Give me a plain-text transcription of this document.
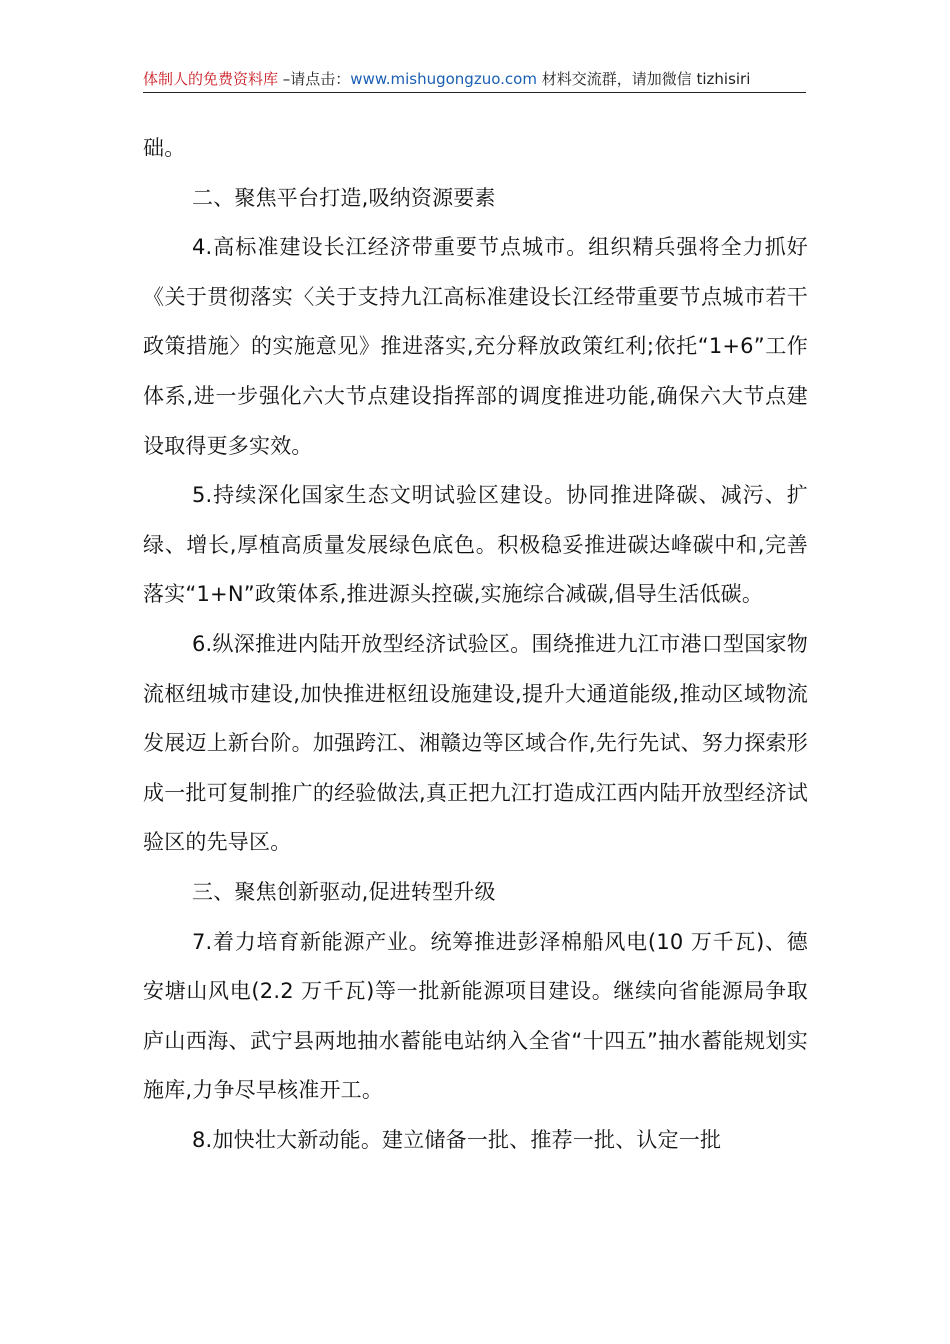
体制人的免费资料库 –请点击：www.mishugongzuo.com 材料交流群，请加微信 tizhisiri

础。

二、聚焦平台打造,吸纳资源要素

4.高标准建设长江经济带重要节点城市。组织精兵强将全力抓好《关于贯彻落实〈关于支持九江高标准建设长江经带重要节点城市若干政策措施〉的实施意见》推进落实,充分释放政策红利;依托“1+6”工作体系,进一步强化六大节点建设指挥部的调度推进功能,确保六大节点建设取得更多实效。

5.持续深化国家生态文明试验区建设。协同推进降碳、减污、扩绿、增长,厚植高质量发展绿色底色。积极稳妥推进碳达峰碳中和,完善落实“1+N”政策体系,推进源头控碳,实施综合减碳,倡导生活低碳。

6.纵深推进内陆开放型经济试验区。围绕推进九江市港口型国家物流枢纽城市建设,加快推进枢纽设施建设,提升大通道能级,推动区域物流发展迈上新台阶。加强跨江、湘赣边等区域合作,先行先试、努力探索形成一批可复制推广的经验做法,真正把九江打造成江西内陆开放型经济试验区的先导区。

三、聚焦创新驱动,促进转型升级

7.着力培育新能源产业。统筹推进彭泽棉船风电(10 万千瓦)、德安塘山风电(2.2 万千瓦)等一批新能源项目建设。继续向省能源局争取庐山西海、武宁县两地抽水蓄能电站纳入全省“十四五”抽水蓄能规划实施库,力争尽早核准开工。

8.加快壮大新动能。建立储备一批、推荐一批、认定一批
